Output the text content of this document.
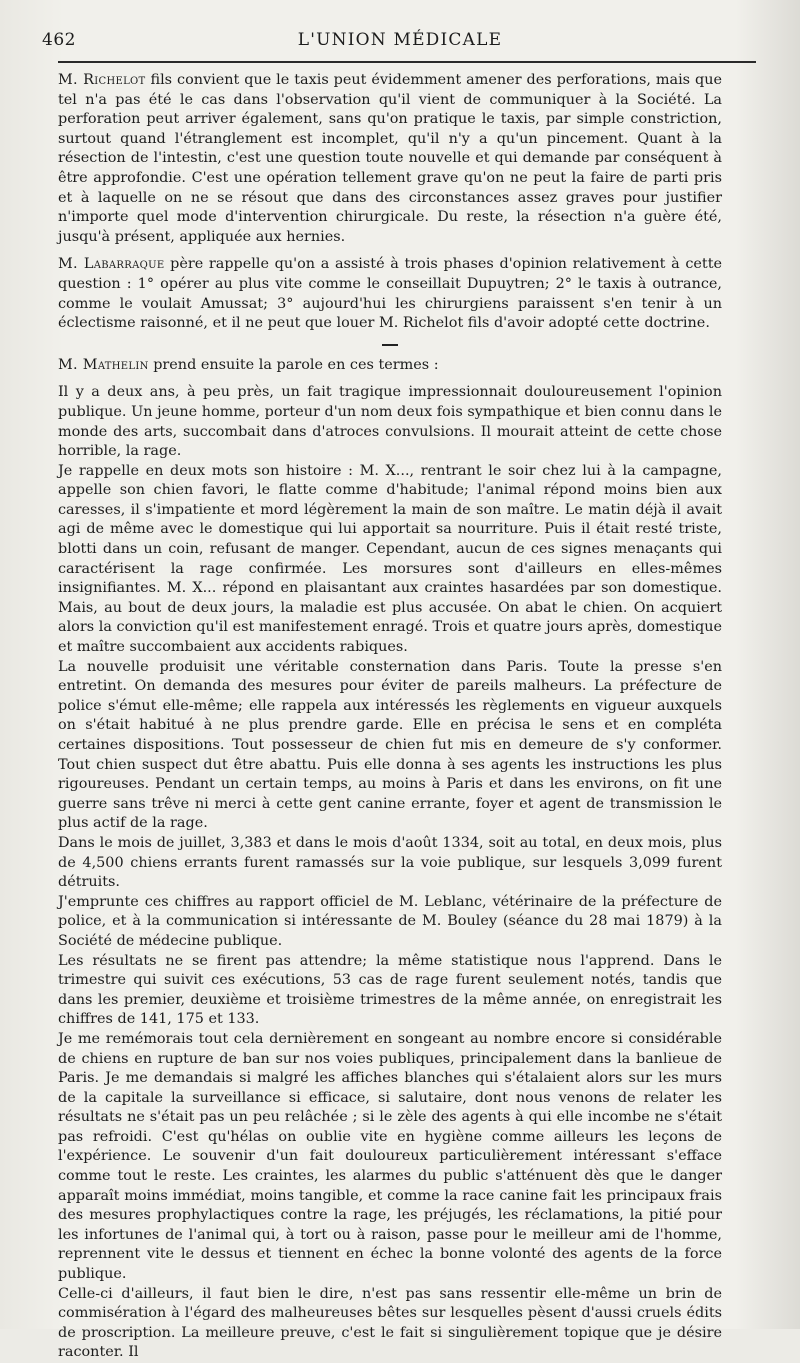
462	L'UNION MÉDICALE

M. Richelot fils convient que le taxis peut évidemment amener des perforations, mais que tel n'a pas été le cas dans l'observation qu'il vient de communiquer à la Société. La perforation peut arriver également, sans qu'on pratique le taxis, par simple constriction, surtout quand l'étranglement est incomplet, qu'il n'y a qu'un pincement. Quant à la résection de l'intestin, c'est une question toute nouvelle et qui demande par conséquent à être approfondie. C'est une opération tellement grave qu'on ne peut la faire de parti pris et à laquelle on ne se résout que dans des circonstances assez graves pour justifier n'importe quel mode d'intervention chirurgicale. Du reste, la résection n'a guère été, jusqu'à présent, appliquée aux hernies.

M. Labarraque père rappelle qu'on a assisté à trois phases d'opinion relativement à cette question : 1° opérer au plus vite comme le conseillait Dupuytren; 2° le taxis à outrance, comme le voulait Amussat; 3° aujourd'hui les chirurgiens paraissent s'en tenir à un éclectisme raisonné, et il ne peut que louer M. Richelot fils d'avoir adopté cette doctrine.

M. Mathelin prend ensuite la parole en ces termes :

Il y a deux ans, à peu près, un fait tragique impressionnait douloureusement l'opinion publique. Un jeune homme, porteur d'un nom deux fois sympathique et bien connu dans le monde des arts, succombait dans d'atroces convulsions. Il mourait atteint de cette chose horrible, la rage.

Je rappelle en deux mots son histoire : M. X..., rentrant le soir chez lui à la campagne, appelle son chien favori, le flatte comme d'habitude; l'animal répond moins bien aux caresses, il s'impatiente et mord légèrement la main de son maître. Le matin déjà il avait agi de même avec le domestique qui lui apportait sa nourriture. Puis il était resté triste, blotti dans un coin, refusant de manger. Cependant, aucun de ces signes menaçants qui caractérisent la rage confirmée. Les morsures sont d'ailleurs en elles-mêmes insignifiantes. M. X... répond en plaisantant aux craintes hasardées par son domestique. Mais, au bout de deux jours, la maladie est plus accusée. On abat le chien. On acquiert alors la conviction qu'il est manifestement enragé. Trois et quatre jours après, domestique et maître succombaient aux accidents rabiques.

La nouvelle produisit une véritable consternation dans Paris. Toute la presse s'en entretint. On demanda des mesures pour éviter de pareils malheurs. La préfecture de police s'émut elle-même; elle rappela aux intéressés les règlements en vigueur auxquels on s'était habitué à ne plus prendre garde. Elle en précisa le sens et en compléta certaines dispositions. Tout possesseur de chien fut mis en demeure de s'y conformer. Tout chien suspect dut être abattu. Puis elle donna à ses agents les instructions les plus rigoureuses. Pendant un certain temps, au moins à Paris et dans les environs, on fit une guerre sans trêve ni merci à cette gent canine errante, foyer et agent de transmission le plus actif de la rage.

Dans le mois de juillet, 3,383 et dans le mois d'août 1334, soit au total, en deux mois, plus de 4,500 chiens errants furent ramassés sur la voie publique, sur lesquels 3,099 furent détruits.

J'emprunte ces chiffres au rapport officiel de M. Leblanc, vétérinaire de la préfecture de police, et à la communication si intéressante de M. Bouley (séance du 28 mai 1879) à la Société de médecine publique.

Les résultats ne se firent pas attendre; la même statistique nous l'apprend. Dans le trimestre qui suivit ces exécutions, 53 cas de rage furent seulement notés, tandis que dans les premier, deuxième et troisième trimestres de la même année, on enregistrait les chiffres de 141, 175 et 133.

Je me remémorais tout cela dernièrement en songeant au nombre encore si considérable de chiens en rupture de ban sur nos voies publiques, principalement dans la banlieue de Paris. Je me demandais si malgré les affiches blanches qui s'étalaient alors sur les murs de la capitale la surveillance si efficace, si salutaire, dont nous venons de relater les résultats ne s'était pas un peu relâchée ; si le zèle des agents à qui elle incombe ne s'était pas refroidi. C'est qu'hélas on oublie vite en hygiène comme ailleurs les leçons de l'expérience. Le souvenir d'un fait douloureux particulièrement intéressant s'efface comme tout le reste. Les craintes, les alarmes du public s'atténuent dès que le danger apparaît moins immédiat, moins tangible, et comme la race canine fait les principaux frais des mesures prophylactiques contre la rage, les préjugés, les réclamations, la pitié pour les infortunes de l'animal qui, à tort ou à raison, passe pour le meilleur ami de l'homme, reprennent vite le dessus et tiennent en échec la bonne volonté des agents de la force publique.

Celle-ci d'ailleurs, il faut bien le dire, n'est pas sans ressentir elle-même un brin de commisération à l'égard des malheureuses bêtes sur lesquelles pèsent d'aussi cruels édits de proscription. La meilleure preuve, c'est le fait si singulièrement topique que je désire raconter. Il
